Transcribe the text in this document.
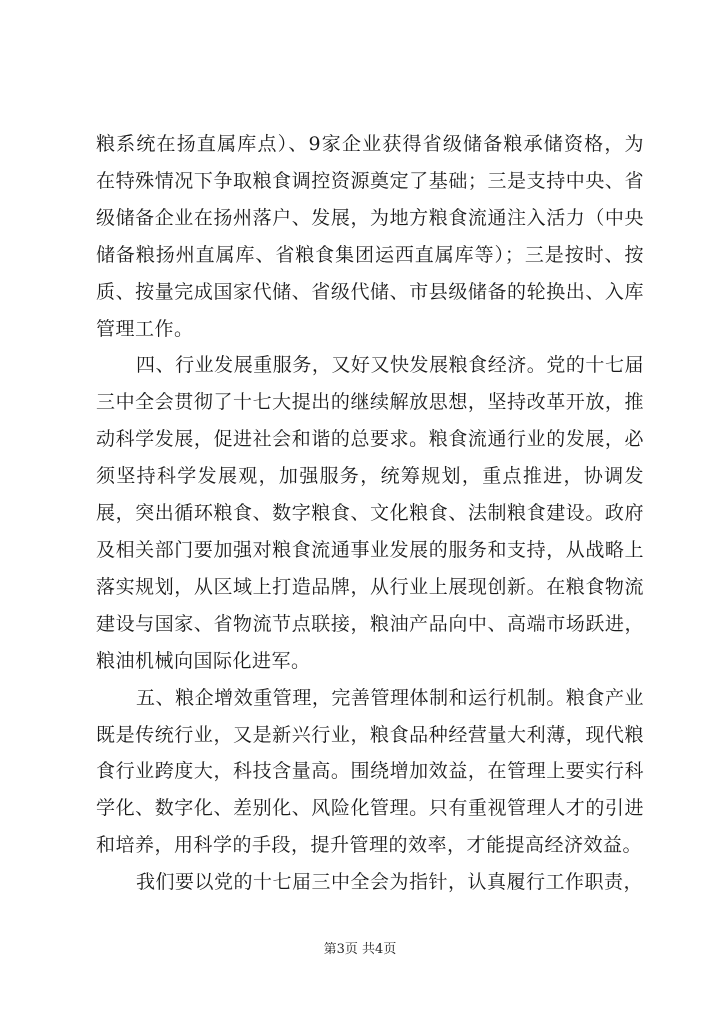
粮系统在扬直属库点）、9家企业获得省级储备粮承储资格，为在特殊情况下争取粮食调控资源奠定了基础；三是支持中央、省级储备企业在扬州落户、发展，为地方粮食流通注入活力（中央储备粮扬州直属库、省粮食集团运西直属库等）；三是按时、按质、按量完成国家代储、省级代储、市县级储备的轮换出、入库管理工作。

四、行业发展重服务，又好又快发展粮食经济。党的十七届三中全会贯彻了十七大提出的继续解放思想，坚持改革开放，推动科学发展，促进社会和谐的总要求。粮食流通行业的发展，必须坚持科学发展观，加强服务，统筹规划，重点推进，协调发展，突出循环粮食、数字粮食、文化粮食、法制粮食建设。政府及相关部门要加强对粮食流通事业发展的服务和支持，从战略上落实规划，从区域上打造品牌，从行业上展现创新。在粮食物流建设与国家、省物流节点联接，粮油产品向中、高端市场跃进，粮油机械向国际化进军。

五、粮企增效重管理，完善管理体制和运行机制。粮食产业既是传统行业，又是新兴行业，粮食品种经营量大利薄，现代粮食行业跨度大，科技含量高。围绕增加效益，在管理上要实行科学化、数字化、差别化、风险化管理。只有重视管理人才的引进和培养，用科学的手段，提升管理的效率，才能提高经济效益。

我们要以党的十七届三中全会为指针，认真履行工作职责，

第3页 共4页
